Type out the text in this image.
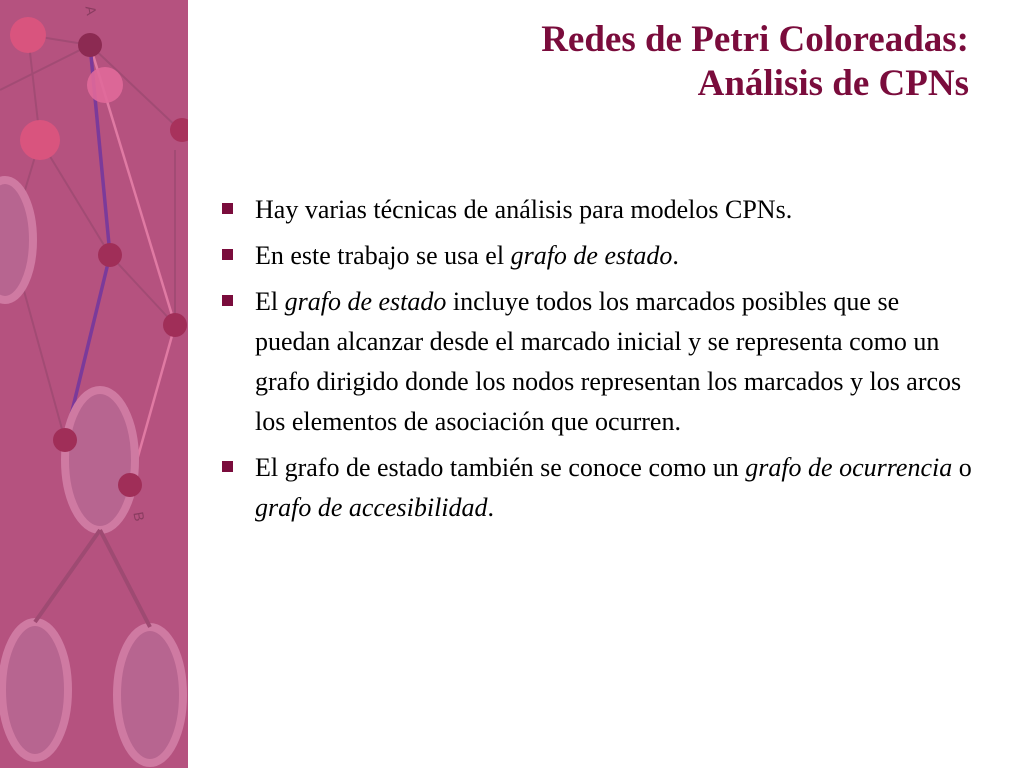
A
B
Redes de Petri Coloreadas:
Análisis de CPNs
Hay varias técnicas de análisis para modelos CPNs.
En este trabajo se usa el grafo de estado.
El grafo de estado incluye todos los marcados posibles que se puedan alcanzar desde el marcado inicial y se representa como un grafo dirigido donde los nodos representan los marcados y los arcos los elementos de asociación que ocurren.
El grafo de estado también se conoce como un grafo de ocurrencia o grafo de accesibilidad.
